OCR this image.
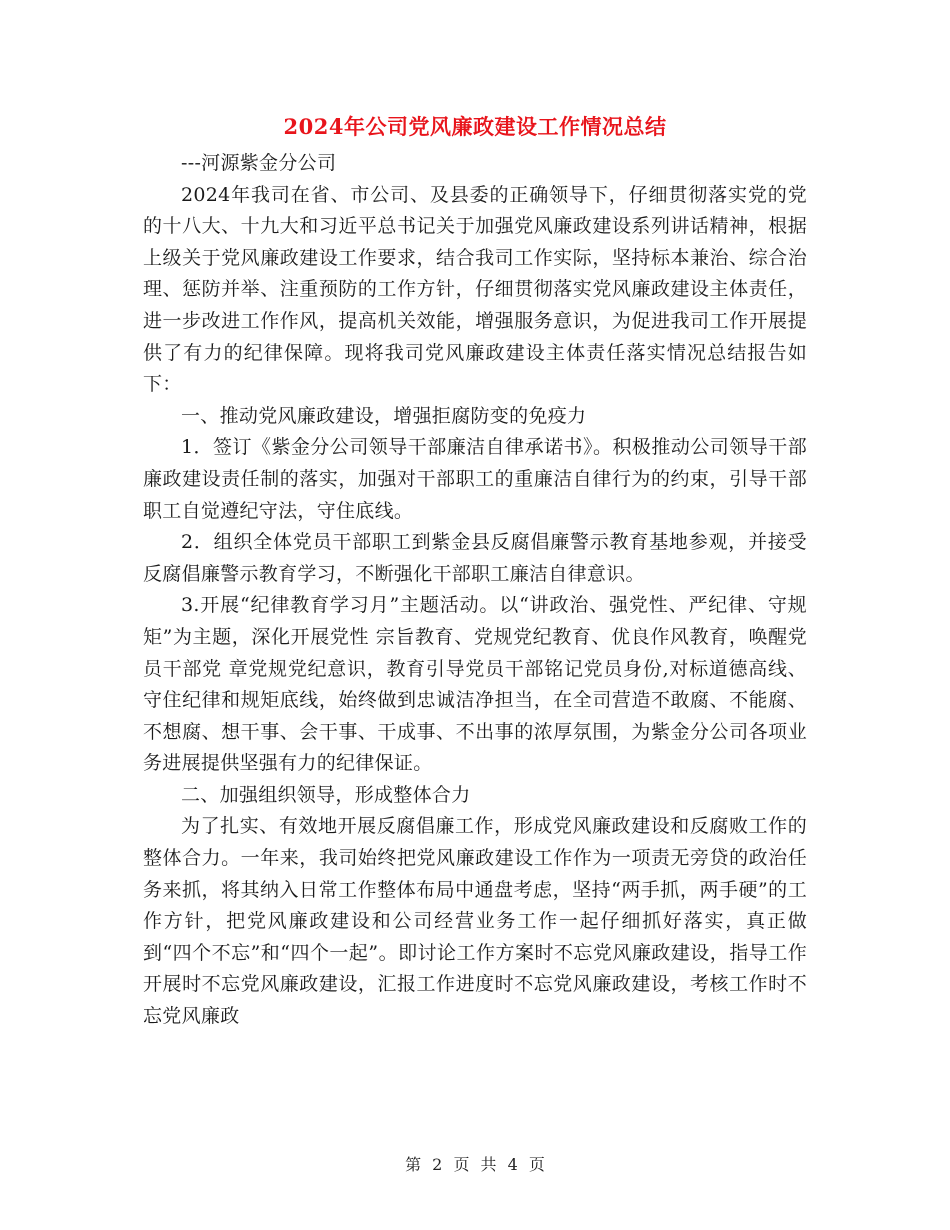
2024年公司党风廉政建设工作情况总结

---河源紫金分公司

2024年我司在省、市公司、及县委的正确领导下，仔细贯彻落实党的党的十八大、十九大和习近平总书记关于加强党风廉政建设系列讲话精神，根据上级关于党风廉政建设工作要求，结合我司工作实际，坚持标本兼治、综合治理、惩防并举、注重预防的工作方针，仔细贯彻落实党风廉政建设主体责任，进一步改进工作作风，提高机关效能，增强服务意识，为促进我司工作开展提供了有力的纪律保障。现将我司党风廉政建设主体责任落实情况总结报告如下：

一、推动党风廉政建设，增强拒腐防变的免疫力

1．签订《紫金分公司领导干部廉洁自律承诺书》。积极推动公司领导干部廉政建设责任制的落实，加强对干部职工的重廉洁自律行为的约束，引导干部职工自觉遵纪守法，守住底线。

2．组织全体党员干部职工到紫金县反腐倡廉警示教育基地参观，并接受反腐倡廉警示教育学习，不断强化干部职工廉洁自律意识。

3.开展“纪律教育学习月”主题活动。以“讲政治、强党性、严纪律、守规矩”为主题，深化开展党性 宗旨教育、党规党纪教育、优良作风教育，唤醒党员干部党 章党规党纪意识，教育引导党员干部铭记党员身份,对标道德高线、守住纪律和规矩底线，始终做到忠诚洁净担当，在全司营造不敢腐、不能腐、不想腐、想干事、会干事、干成事、不出事的浓厚氛围，为紫金分公司各项业务进展提供坚强有力的纪律保证。

二、加强组织领导，形成整体合力

为了扎实、有效地开展反腐倡廉工作，形成党风廉政建设和反腐败工作的整体合力。一年来，我司始终把党风廉政建设工作作为一项责无旁贷的政治任务来抓，将其纳入日常工作整体布局中通盘考虑，坚持“两手抓，两手硬”的工作方针，把党风廉政建设和公司经营业务工作一起仔细抓好落实，真正做到“四个不忘”和“四个一起”。即讨论工作方案时不忘党风廉政建设，指导工作开展时不忘党风廉政建设，汇报工作进度时不忘党风廉政建设，考核工作时不忘党风廉政

第 2 页 共 4 页
